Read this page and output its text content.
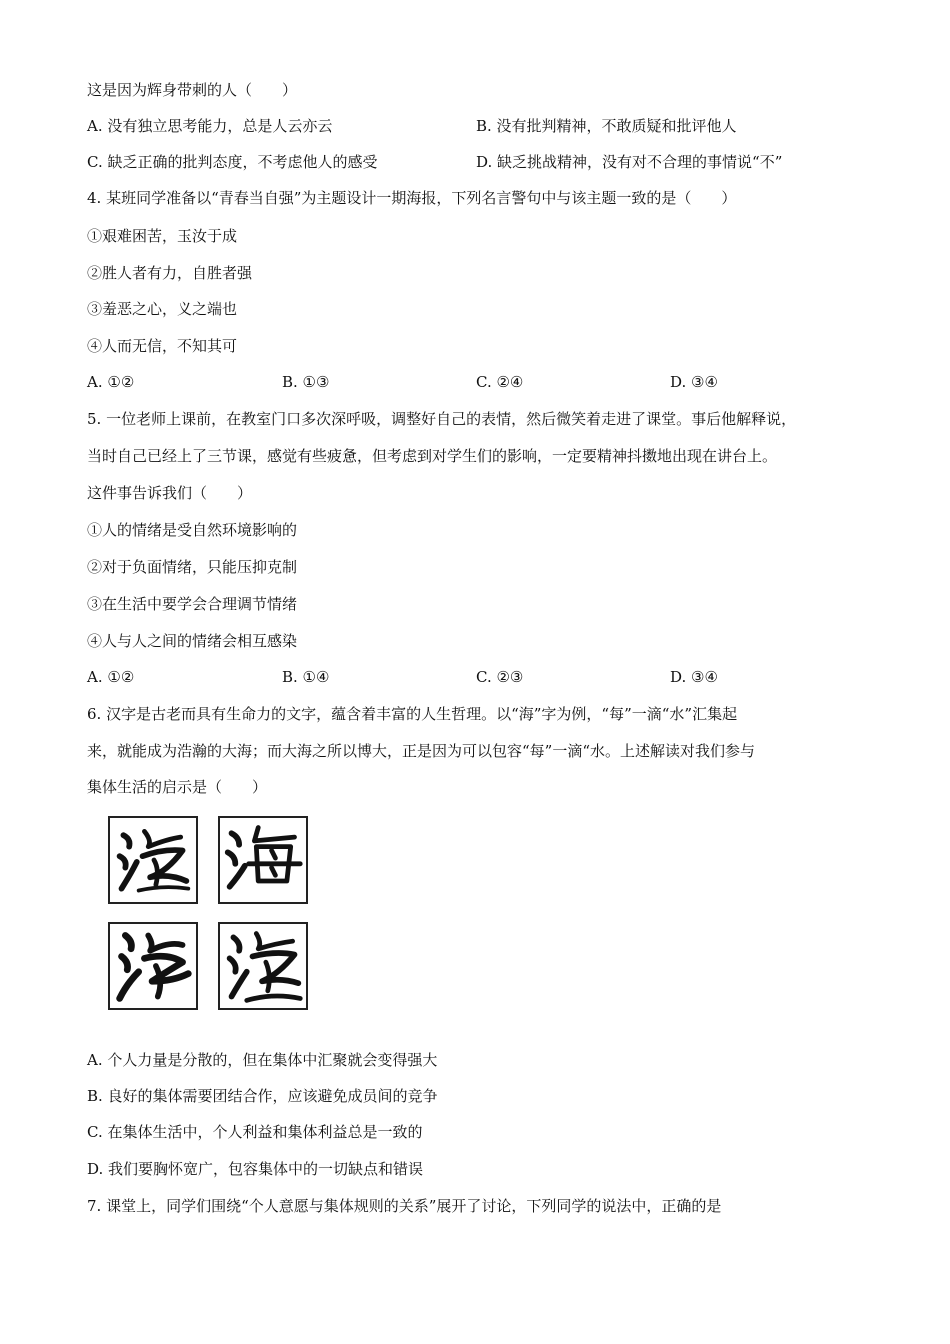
这是因为辉身带刺的人（　　）
A. 没有独立思考能力，总是人云亦云	B. 没有批判精神，不敢质疑和批评他人
C. 缺乏正确的批判态度，不考虑他人的感受	D. 缺乏挑战精神，没有对不合理的事情说“不”
4. 某班同学准备以“青春当自强”为主题设计一期海报，下列名言警句中与该主题一致的是（　　）
①艰难困苦，玉汝于成
②胜人者有力，自胜者强
③羞恶之心，义之端也
④人而无信，不知其可
A. ①②	B. ①③	C. ②④	D. ③④
5. 一位老师上课前，在教室门口多次深呼吸，调整好自己的表情，然后微笑着走进了课堂。事后他解释说，
当时自己已经上了三节课，感觉有些疲惫，但考虑到对学生们的影响，一定要精神抖擞地出现在讲台上。
这件事告诉我们（　　）
①人的情绪是受自然环境影响的
②对于负面情绪，只能压抑克制
③在生活中要学会合理调节情绪
④人与人之间的情绪会相互感染
A. ①②	B. ①④	C. ②③	D. ③④
6. 汉字是古老而具有生命力的文字，蕴含着丰富的人生哲理。以“海”字为例，“每”一滴“水”汇集起
来，就能成为浩瀚的大海；而大海之所以博大，正是因为可以包容“每”一滴“水。上述解读对我们参与
集体生活的启示是（　　）
A. 个人力量是分散的，但在集体中汇聚就会变得强大
B. 良好的集体需要团结合作，应该避免成员间的竞争
C. 在集体生活中，个人利益和集体利益总是一致的
D. 我们要胸怀宽广，包容集体中的一切缺点和错误
7. 课堂上，同学们围绕“个人意愿与集体规则的关系”展开了讨论，下列同学的说法中，正确的是
